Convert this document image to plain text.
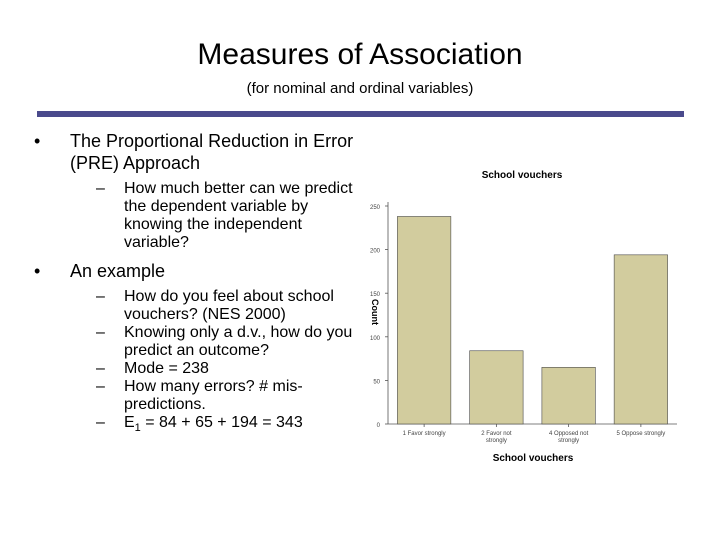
Measures of Association
(for nominal and ordinal variables)
•	The Proportional Reduction in Error (PRE) Approach
–	How much better can we predict the dependent variable by knowing the independent variable?
•	An example
–	How do you feel about school vouchers? (NES 2000)
–	Knowing only a d.v., how do you predict an outcome?
–	Mode = 238
–	How many errors? # mis-predictions.
–	$E_1 = 84 + 65 + 194 = 343$
School vouchers
Count
School vouchers
0
50
100
150
200
250
1 Favor strongly	2 Favor not
strongly
4 Opposed not
strongly
5 Oppose strongly
